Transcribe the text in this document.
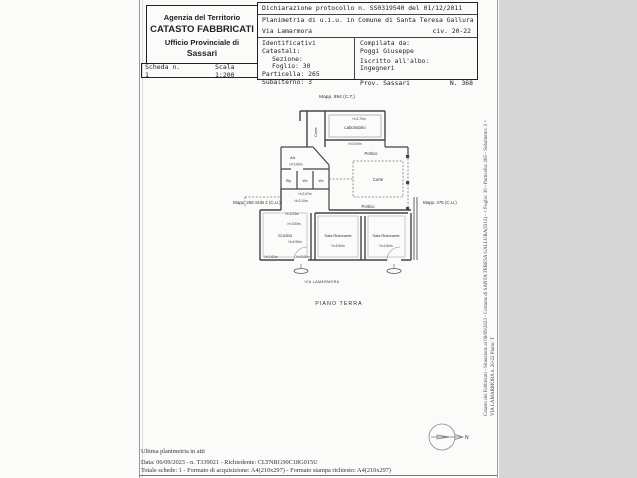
Agenzia del Territorio
CATASTO FABBRICATI
Ufficio Provinciale di
Sassari
Scheda n. 1
Scala 1:200
Dichiarazione protocollo n. SS0319540 del 01/12/2011
Planimetria di u.i.u. in Comune di Santa Teresa Gallura
Via Lamarmora	civ. 20-22
Identificativi Catastali:
Sezione:
Foglio: 30
Particella: 265
Subalterno: 3
Compilata da:
Poggi Giuseppe
Iscritto all'albo:
Ingegneri
Prov. Sassari	N. 368
Mapp. 894 (C.T.)
Mapp. 266 SUB 2 (C.U.)	Mapp. 475 (C.U.)
Corte	Laboratorio
H=2.70m
H=3.00m
Atr.
H=2.60m
Rip.	Wc	Wc
H=2.47m
H=3.10m
Portico
Corte
Portico
Cucina
H=3.23m
H=3.50m
H=4.50m
H=2.62m	H=3.00m
Sala Ristorante
H=3.50m
Sala Ristorante
H=2.60m
VIA LAMARMORA
PIANO TERRA
N
Ultima planimetria in atti
Data: 06/09/2023 - n. T339021 - Richiedente: CLTNRG90C18G015U
Totale schede: 1 - Formato di acquisizione: A4(210x297) - Formato stampa richiesto: A4(210x297)
Catasto dei Fabbricati - Situazione al 06/09/2023 - Comune di SANTA TERESA GALLURA(I312) - < Foglio: 30 - Particella: 265 - Subalterno: 3 > VIA LAMARMORA n. 20-22 Piano: T
